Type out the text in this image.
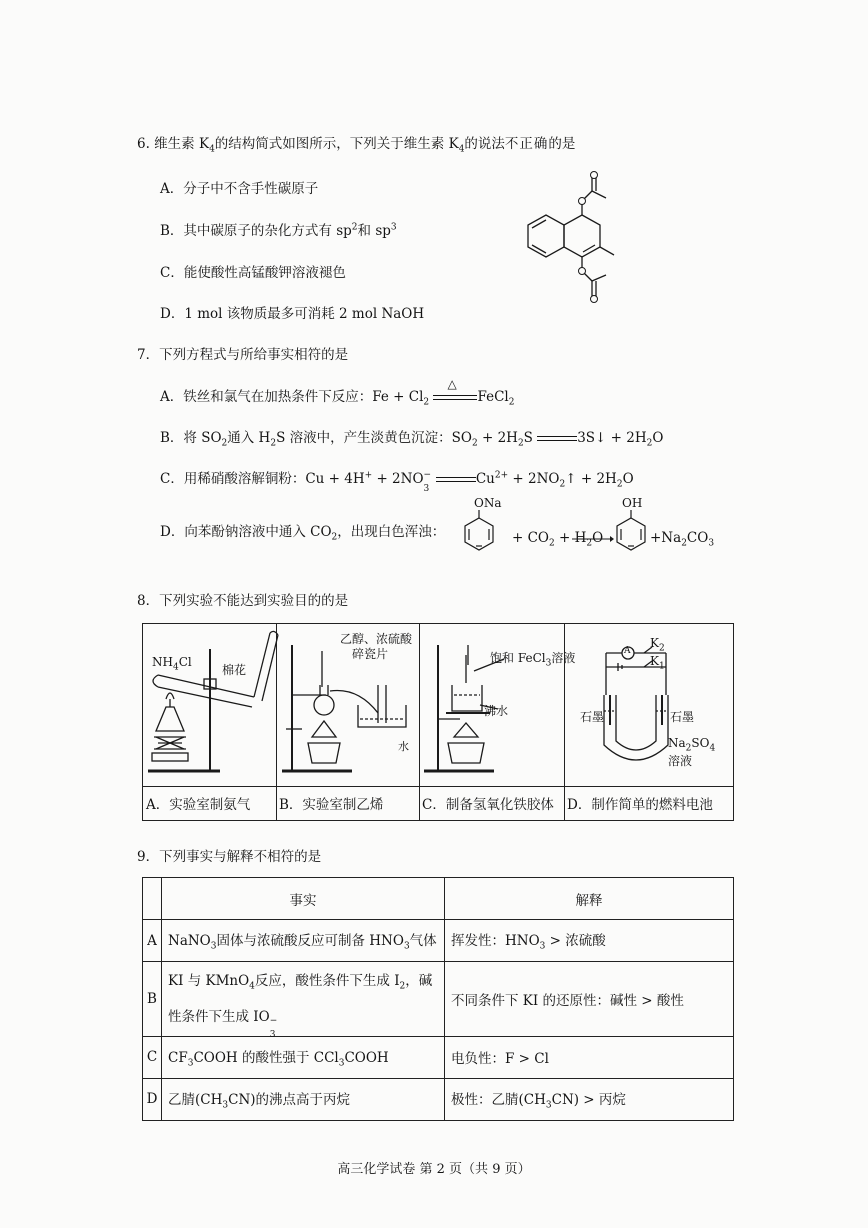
6. 维生素 $K_4$的结构简式如图所示，下列关于维生素 $K_4$的说法不正确的是
A．分子中不含手性碳原子
B．其中碳原子的杂化方式有 $sp^2$和 $sp^3$
C．能使酸性高锰酸钾溶液褪色
D．1 mol 该物质最多可消耗 2 mol NaOH
7．下列方程式与所给事实相符的是
A．铁丝和氯气在加热条件下反应：$Fe + Cl_2$
△
FeCl$_2$
B．将 $SO_2$通入 $H_2S$ 溶液中，产生淡黄色沉淀：$SO_2 + 2H_2S$	3S↓ + $2H_2O$
C．用稀硝酸溶解铜粉：Cu + 4H+ + 2NO
3
−
	$Cu^{2+}$ + $2NO_2↑ + 2H_2O$
D．向苯酚钠溶液中通入 $CO_2$，出现白色浑浊：
ONa
+ $CO_2 + H_2O$
OH
$+Na_2CO_3$
8．下列实验不能达到实验目的的是
A．实验室制氨气 B．实验室制乙烯	C．制备氢氧化铁胶体 D．制作简单的燃料电池
$NH_4Cl$
棉花
乙醇、浓硫酸
碎瓷片
水
饱和 FeCl$_3$溶液
沸水
A
$K_2$
$K_1$
石墨	石墨
$Na_2SO_4$
溶液
9．下列事实与解释不相符的是
	事实	解释
A	NaNO$_3$固体与浓硫酸反应可制备 $HNO_3$气体	挥发性：$HNO_3$ > 浓硫酸
B	KI 与 KMnO$_4$反应，酸性条件下生成 $I_2$，碱
性条件下生成 IO
3
−	不同条件下 KI 的还原性：碱性 > 酸性
C	$CF_3COOH$ 的酸性强于 CCl$_3$COOH	电负性：F > Cl
D	乙腈$(CH_3CN)$的沸点高于丙烷	极性：乙腈$(CH_3CN)$ > 丙烷
高三化学试卷 第 2 页（共 9 页）
